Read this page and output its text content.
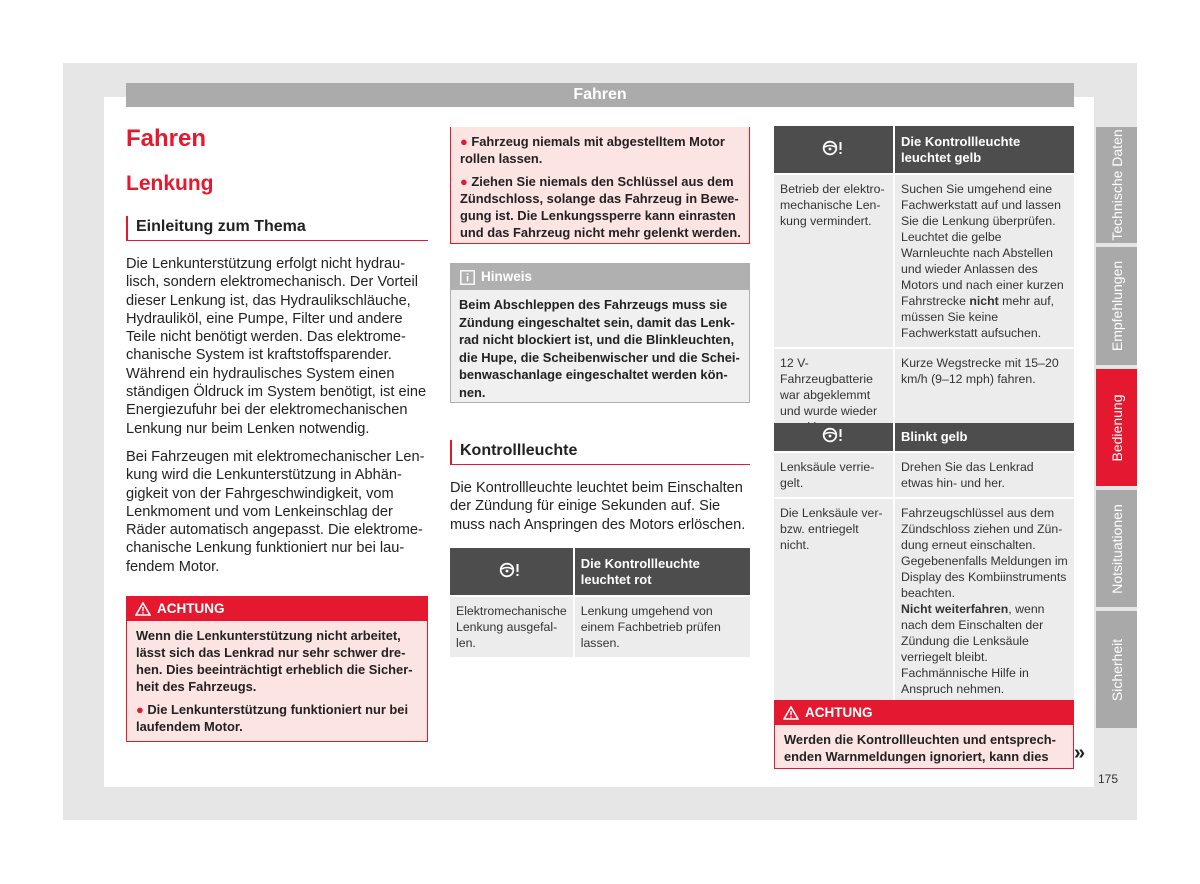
Fahren
Fahren
Lenkung
Einleitung zum Thema

Die Lenkunterstützung erfolgt nicht hydraulisch, sondern elektromechanisch. Der Vorteil dieser Lenkung ist, das Hydraulikschläuche, Hydrauliköl, eine Pumpe, Filter und andere Teile nicht benötigt werden. Das elektromechanische System ist kraftstoffsparender. Während ein hydraulisches System einen ständigen Öldruck im System benötigt, ist eine Energiezufuhr bei der elektromechanischen Lenkung nur beim Lenken notwendig.

Bei Fahrzeugen mit elektromechanischer Lenkung wird die Lenkunterstützung in Abhängigkeit von der Fahrgeschwindigkeit, vom Lenkmoment und vom Lenkeinschlag der Räder automatisch angepasst. Die elektromechanische Lenkung funktioniert nur bei laufendem Motor.

ACHTUNG

Wenn die Lenkunterstützung nicht arbeitet, lässt sich das Lenkrad nur sehr schwer drehen. Dies beeinträchtigt erheblich die Sicherheit des Fahrzeugs.

● Die Lenkunterstützung funktioniert nur bei laufendem Motor.

● Fahrzeug niemals mit abgestelltem Motor rollen lassen.

● Ziehen Sie niemals den Schlüssel aus dem Zündschloss, solange das Fahrzeug in Bewegung ist. Die Lenkungssperre kann einrasten und das Fahrzeug nicht mehr gelenkt werden.

Hinweis
Beim Abschleppen des Fahrzeugs muss sie Zündung eingeschaltet sein, damit das Lenkrad nicht blockiert ist, und die Blinkleuchten, die Hupe, die Scheibenwischer und die Scheibenwaschanlage eingeschaltet werden können.
Kontrollleuchte
Die Kontrollleuchte leuchtet beim Einschalten der Zündung für einige Sekunden auf. Sie muss nach Anspringen des Motors erlöschen.
	Die Kontrollleuchte leuchtet rot
Elektromechanische Lenkung ausgefallen.	Lenkung umgehend von einem Fachbetrieb prüfen lassen.
	Die Kontrollleuchte leuchtet gelb
Betrieb der elektromechanische Lenkung vermindert.	Suchen Sie umgehend eine Fachwerkstatt auf und lassen Sie die Lenkung überprüfen. Leuchtet die gelbe Warnleuchte nach Abstellen und wieder Anlassen des Motors und nach einer kurzen Fahrstrecke nicht mehr auf, müssen Sie keine Fachwerkstatt aufsuchen.
12 V-Fahrzeugbatterie war abgeklemmt und wurde wieder	Kurze Wegstrecke mit 15–20 km/h (9–12 mph) fahren.
	Blinkt gelb
Lenksäule verriegelt.	Drehen Sie das Lenkrad etwas hin- und her.
Die Lenksäule verbzw. entriegelt nicht.	Fahrzeugschlüssel aus dem Zündschloss ziehen und Zündung erneut einschalten. Gegebenenfalls Meldungen im Display des Kombiinstruments beachten.
Nicht weiterfahren, wenn nach dem Einschalten der Zündung die Lenksäule verriegelt bleibt. Fachmännische Hilfe in Anspruch nehmen.
ACHTUNG
Werden die Kontrollleuchten und entsprechenden Warnmeldungen ignoriert, kann dies	»
Technische Daten
Empfehlungen
Bedienung
Notsituationen
Sicherheit
175
